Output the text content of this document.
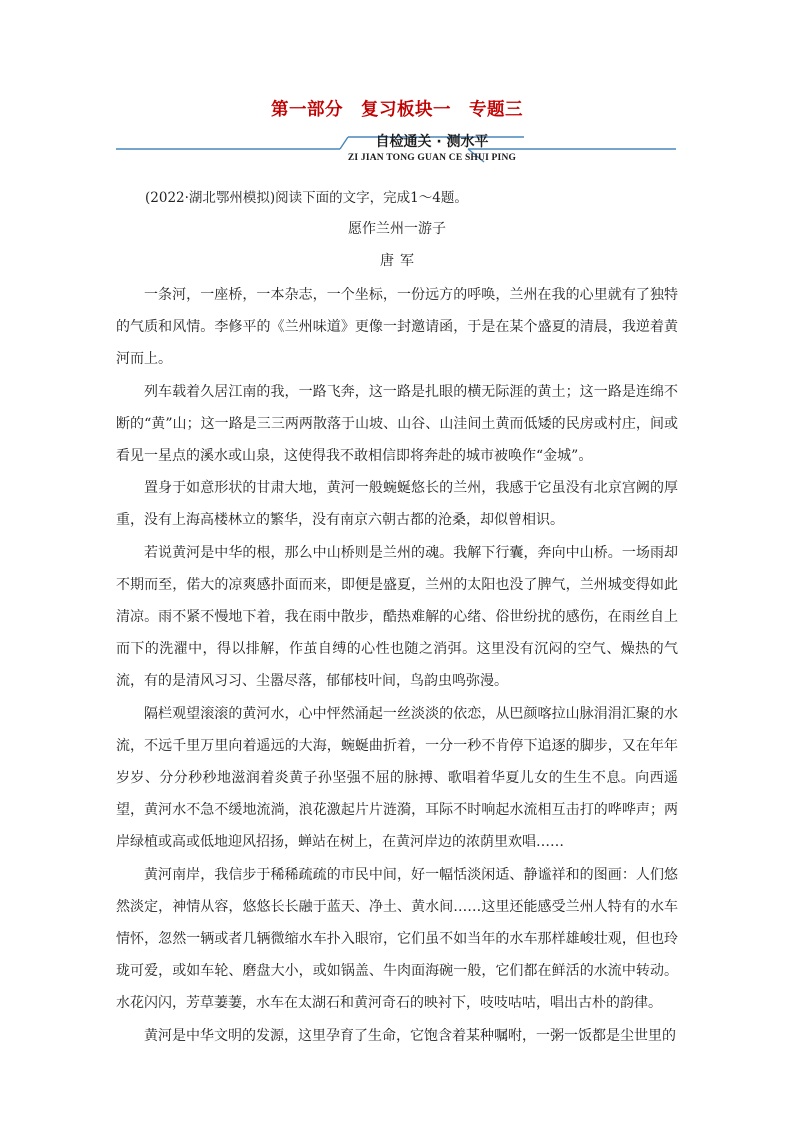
第一部分　复习板块一　专题三
自检通关 · 测水平
ZI JIAN TONG GUAN CE SHUI PING
(2022·湖北鄂州模拟)阅读下面的文字，完成1～4题。
愿作兰州一游子
唐军

一条河，一座桥，一本杂志，一个坐标，一份远方的呼唤，兰州在我的心里就有了独特的气质和风情。李修平的《兰州味道》更像一封邀请函，于是在某个盛夏的清晨，我逆着黄河而上。

列车载着久居江南的我，一路飞奔，这一路是扎眼的横无际涯的黄土；这一路是连绵不断的“黄”山；这一路是三三两两散落于山坡、山谷、山洼间土黄而低矮的民房或村庄，间或看见一星点的溪水或山泉，这使得我不敢相信即将奔赴的城市被唤作“金城”。

置身于如意形状的甘肃大地，黄河一般蜿蜒悠长的兰州，我感于它虽没有北京宫阙的厚重，没有上海高楼林立的繁华，没有南京六朝古都的沧桑，却似曾相识。

若说黄河是中华的根，那么中山桥则是兰州的魂。我解下行囊，奔向中山桥。一场雨却不期而至，偌大的凉爽感扑面而来，即便是盛夏，兰州的太阳也没了脾气，兰州城变得如此清凉。雨不紧不慢地下着，我在雨中散步，酷热难解的心绪、俗世纷扰的感伤，在雨丝自上而下的洗濯中，得以排解，作茧自缚的心性也随之消弭。这里没有沉闷的空气、燥热的气流，有的是清风习习、尘嚣尽落，郁郁枝叶间，鸟韵虫鸣弥漫。

隔栏观望滚滚的黄河水，心中怦然涌起一丝淡淡的依恋，从巴颜喀拉山脉涓涓汇聚的水流，不远千里万里向着遥远的大海，蜿蜒曲折着，一分一秒不肯停下追逐的脚步，又在年年岁岁、分分秒秒地滋润着炎黄子孙坚强不屈的脉搏、歌唱着华夏儿女的生生不息。向西遥望，黄河水不急不缓地流淌，浪花激起片片涟漪，耳际不时响起水流相互击打的哗哗声；两岸绿植或高或低地迎风招扬，蝉站在树上，在黄河岸边的浓荫里欢唱……

黄河南岸，我信步于稀稀疏疏的市民中间，好一幅恬淡闲适、静谧祥和的图画：人们悠然淡定，神情从容，悠悠长长融于蓝天、净土、黄水间……这里还能感受兰州人特有的水车情怀，忽然一辆或者几辆微缩水车扑入眼帘，它们虽不如当年的水车那样雄峻壮观，但也玲珑可爱，或如车轮、磨盘大小，或如锅盖、牛肉面海碗一般，它们都在鲜活的水流中转动。水花闪闪，芳草萋萋，水车在太湖石和黄河奇石的映衬下，吱吱咕咕，唱出古朴的韵律。

黄河是中华文明的发源，这里孕育了生命，它饱含着某种嘱咐，一粥一饭都是尘世里的
